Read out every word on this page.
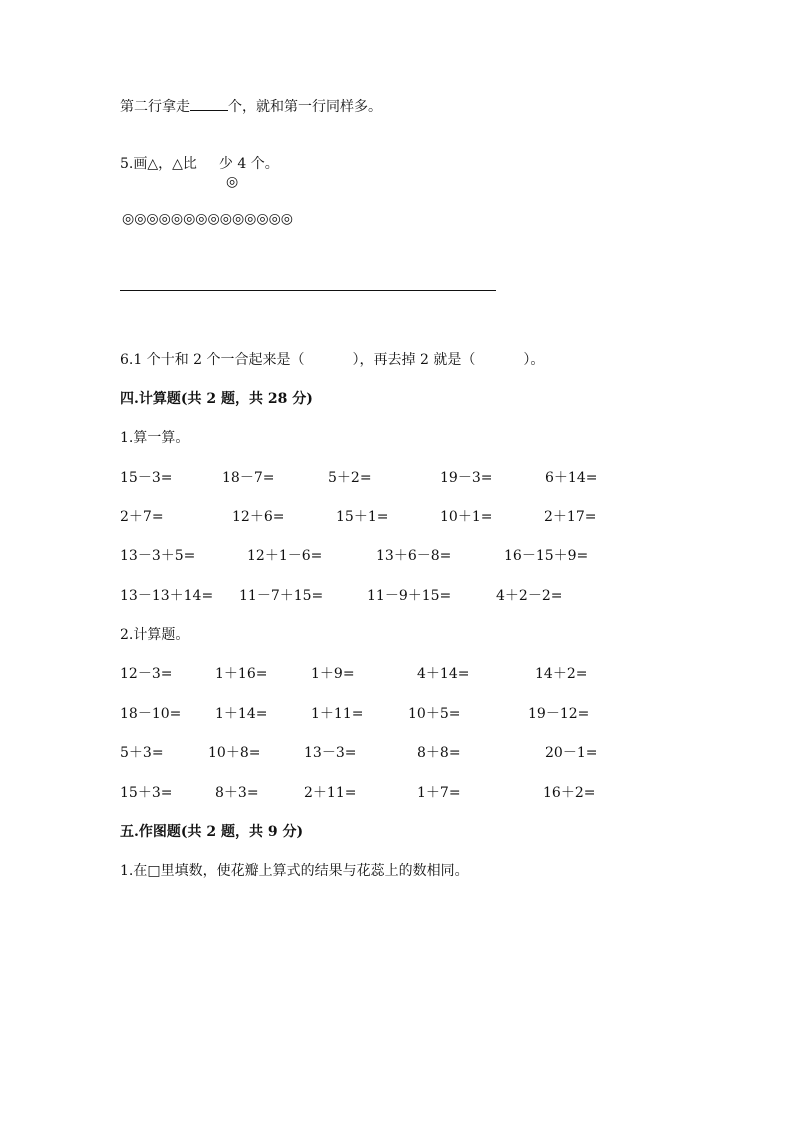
第二行拿走	个，就和第一行同样多。
5.画△，△比 少 4 个。
◎
◎◎◎◎◎◎◎◎◎◎◎◎◎◎
6.1 个十和 2 个一合起来是（	），再去掉 2 就是（	）。
四.计算题(共 2 题，共 28 分)
1.算一算。
15－3=	18－7=	5＋2=	19－3=	6＋14=
2＋7=	12＋6=	15＋1=	10＋1=	2＋17=
13－3＋5=	12＋1－6=	13＋6－8=	16－15＋9=
13－13＋14= 11－7＋15=	11－9＋15=	4＋2－2=
2.计算题。
12－3=	1＋16=	1＋9=	4＋14=	14＋2=
18－10= 1＋14=	1＋11=	10＋5=	19－12=
5＋3=	10＋8=	13－3=	8＋8=	20－1=
15＋3=	8＋3=	2＋11=	1＋7=	16＋2=
五.作图题(共 2 题，共 9 分)
1.在□里填数，使花瓣上算式的结果与花蕊上的数相同。
